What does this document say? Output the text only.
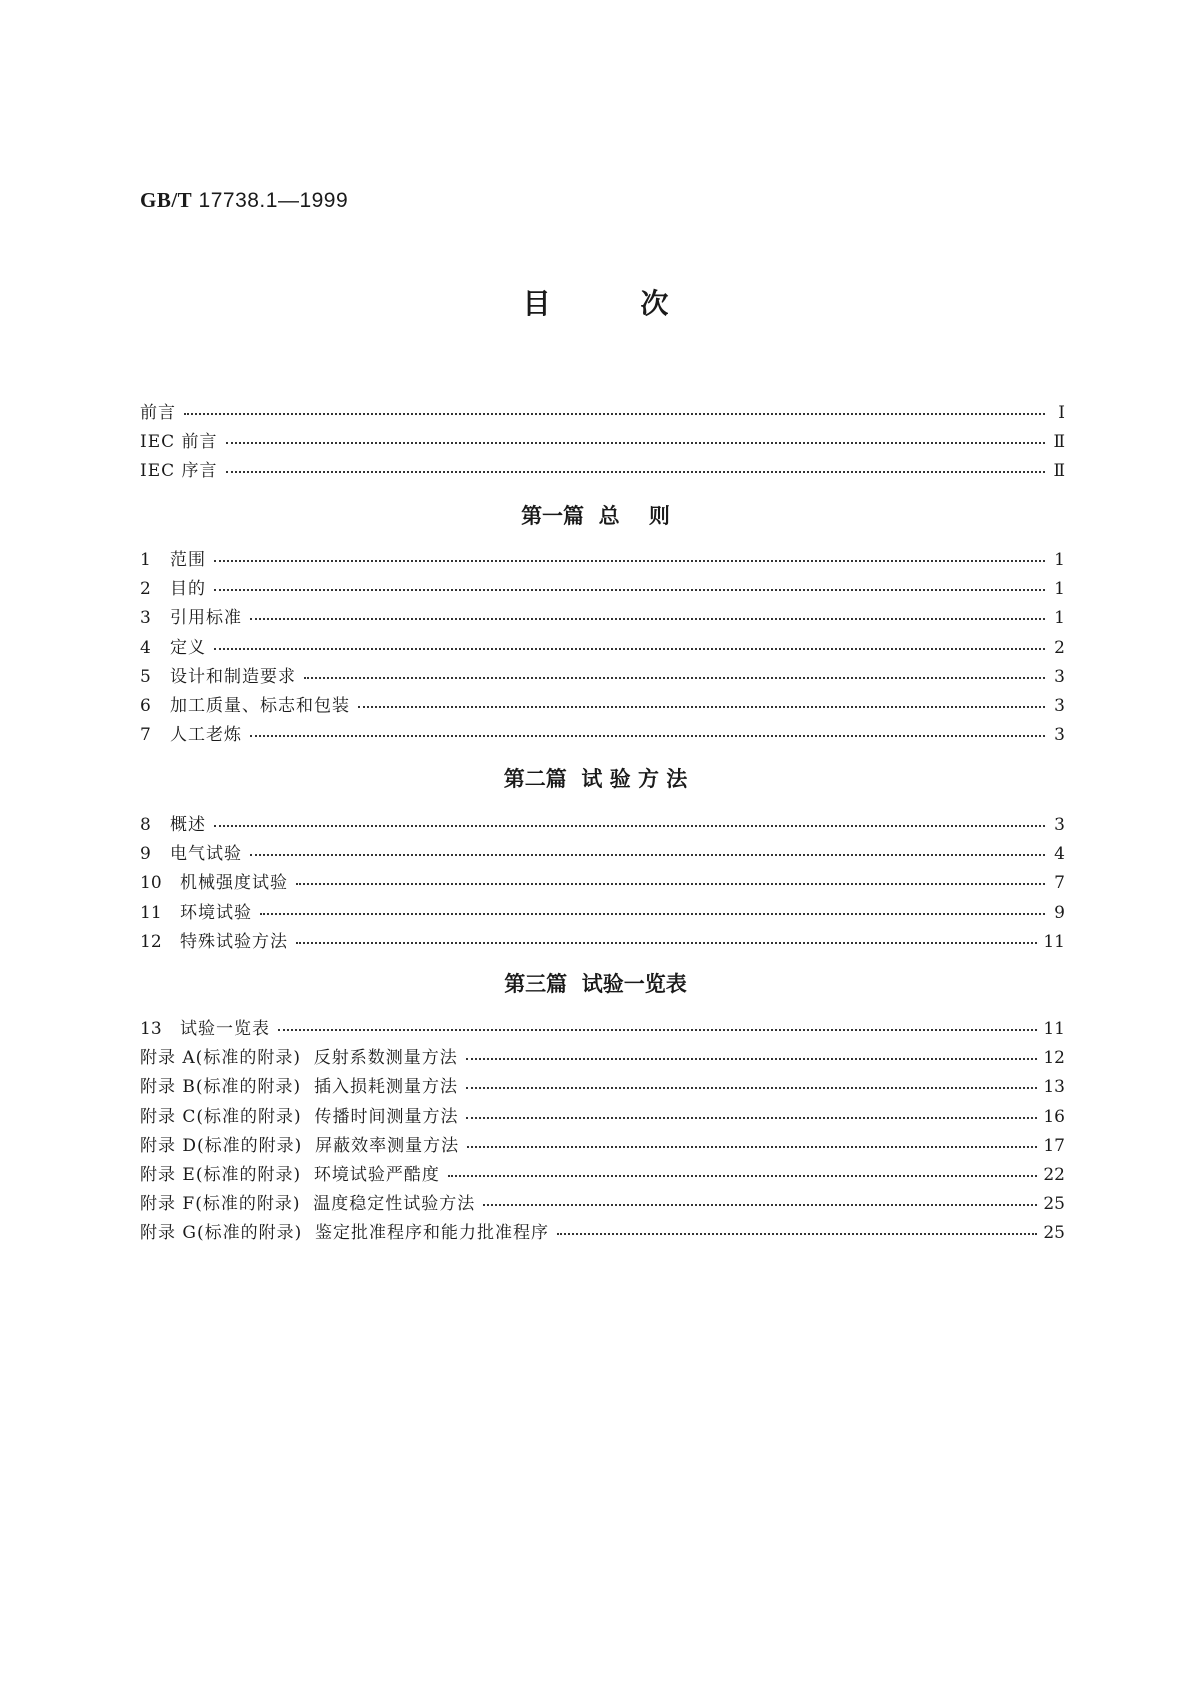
GB/T 17738.1—1999
目 次
前言	Ⅰ
IEC 前言	Ⅱ
IEC 序言	Ⅱ
1	范围	1
2	目的	1
3	引用标准	1
4	定义	2
5	设计和制造要求	3
6	加工质量、标志和包装	3
7	人工老炼	3
8	概述	3
9	电气试验	4
10	机械强度试验	7
11	环境试验	9
12	特殊试验方法	11
13	试验一览表	11
附录 A(标准的附录)  反射系数测量方法	12
附录 B(标准的附录)  插入损耗测量方法	13
附录 C(标准的附录)  传播时间测量方法	16
附录 D(标准的附录)  屏蔽效率测量方法	17
附录 E(标准的附录)  环境试验严酷度	22
附录 F(标准的附录)  温度稳定性试验方法	25
附录 G(标准的附录)  鉴定批准程序和能力批准程序	25
第一篇  总    则
第二篇  试 验 方 法
第三篇  试验一览表
